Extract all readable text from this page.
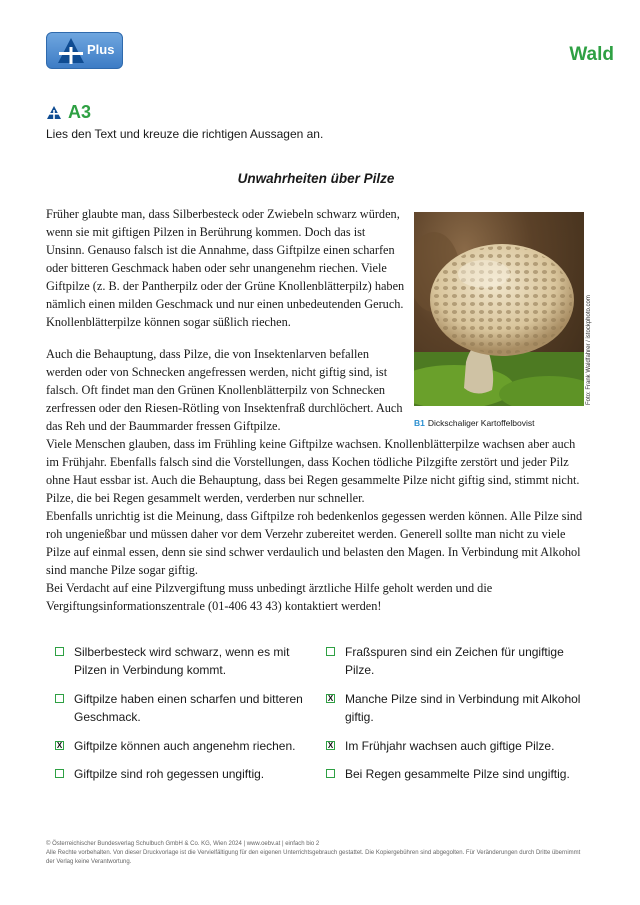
Plus	Wald
A3
Lies den Text und kreuze die richtigen Aussagen an.
Unwahrheiten über Pilze

Früher glaubte man, dass Silberbesteck oder Zwiebeln schwarz würden, wenn sie mit giftigen Pilzen in Berührung kommen. Doch das ist Unsinn. Genauso falsch ist die Annahme, dass Giftpilze einen scharfen oder bitteren Geschmack haben oder sehr unangenehm riechen. Viele Giftpilze (z. B. der Pantherpilz oder der Grüne Knollenblätterpilz) haben nämlich einen milden Geschmack und nur einen unbedeutenden Geruch. Knollenblätterpilze können sogar süßlich riechen.

Auch die Behauptung, dass Pilze, die von Insektenlarven befallen werden oder von Schnecken angefressen werden, nicht giftig sind, ist falsch. Oft findet man den Grünen Knollenblätterpilz von Schnecken zerfressen oder den Riesen-Rötling von Insektenfraß durchlöchert. Auch das Reh und der Baummarder fressen Giftpilze.

Viele Menschen glauben, dass im Frühling keine Giftpilze wachsen. Knollenblätterpilze wachsen aber auch im Frühjahr. Ebenfalls falsch sind die Vorstellungen, dass Kochen tödliche Pilzgifte zerstört und jeder Pilz ohne Haut essbar ist. Auch die Behauptung, dass bei Regen gesammelte Pilze nicht giftig sind, stimmt nicht. Pilze, die bei Regen gesammelt werden, verderben nur schneller.

Ebenfalls unrichtig ist die Meinung, dass Giftpilze roh bedenkenlos gegessen werden können. Alle Pilze sind roh ungenießbar und müssen daher vor dem Verzehr zubereitet werden. Generell sollte man nicht zu viele Pilze auf einmal essen, denn sie sind schwer verdaulich und belasten den Magen. In Verbindung mit Alkohol sind manche Pilze sogar giftig.

Bei Verdacht auf eine Pilzvergiftung muss unbedingt ärztliche Hilfe geholt werden und die Vergiftungsinformationszentrale (01-406 43 43) kontaktiert werden!

Foto: Frank Waldfahrer / istockphoto.com
B1 Dickschaliger Kartoffelbovist
Silberbesteck wird schwarz, wenn es mit Pilzen in Verbindung kommt.
Giftpilze haben einen scharfen und bitteren Geschmack.
X Giftpilze können auch angenehm riechen.
Giftpilze sind roh gegessen ungiftig.
Fraßspuren sind ein Zeichen für ungiftige Pilze.
X Manche Pilze sind in Verbindung mit Alkohol giftig.
X Im Frühjahr wachsen auch giftige Pilze.
Bei Regen gesammelte Pilze sind ungiftig.
© Österreichischer Bundesverlag Schulbuch GmbH & Co. KG, Wien 2024 | www.oebv.at | einfach bio 2
Alle Rechte vorbehalten. Von dieser Druckvorlage ist die Vervielfältigung für den eigenen Unterrichtsgebrauch gestattet. Die Kopiergebühren sind abgegolten. Für Veränderungen durch Dritte übernimmt der Verlag keine Verantwortung.
